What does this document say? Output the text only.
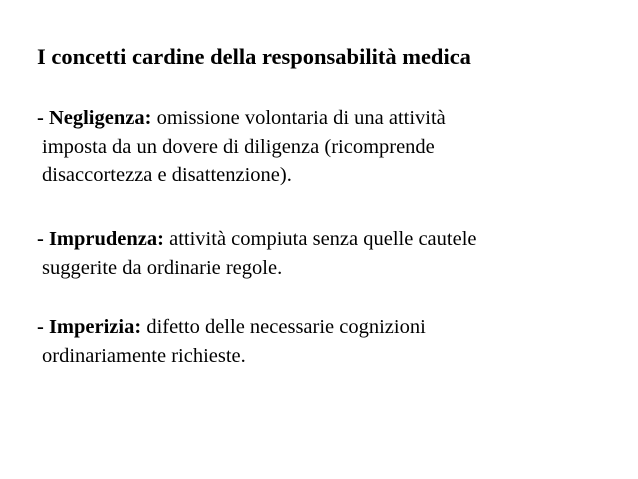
I concetti cardine della responsabilità medica
- Negligenza: omissione volontaria di una attività
imposta da un dovere di diligenza (ricomprende
disaccortezza e disattenzione).
- Imprudenza: attività compiuta senza quelle cautele
suggerite da ordinarie regole.
- Imperizia: difetto delle necessarie cognizioni
ordinariamente richieste.
